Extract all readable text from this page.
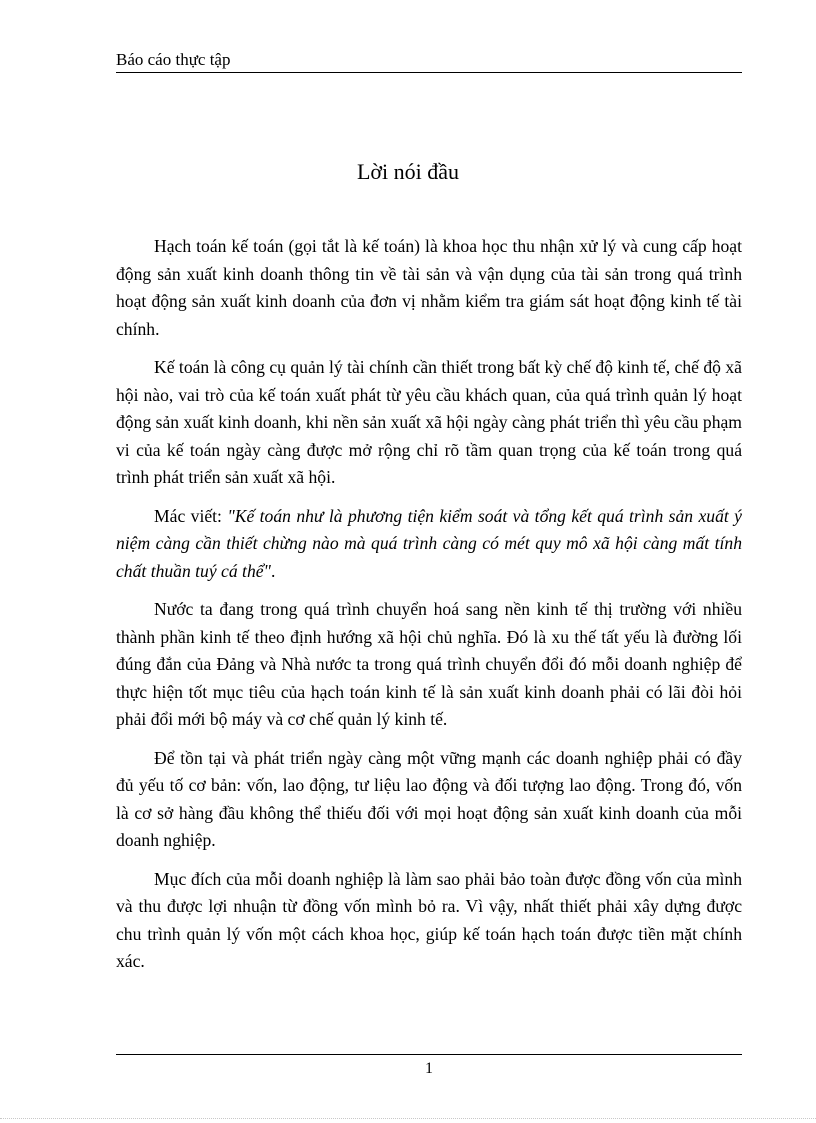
Báo cáo thực tập
Lời nói đầu

Hạch toán kế toán (gọi tắt là kế toán) là khoa học thu nhận xử lý và cung cấp hoạt động sản xuất kinh doanh thông tin về tài sản và vận dụng của tài sản trong quá trình hoạt động sản xuất kinh doanh của đơn vị nhằm kiểm tra giám sát hoạt động kinh tế tài chính.

Kế toán là công cụ quản lý tài chính cần thiết trong bất kỳ chế độ kinh tế, chế độ xã hội nào, vai trò của kế toán xuất phát từ yêu cầu khách quan, của quá trình quản lý hoạt động sản xuất kinh doanh, khi nền sản xuất xã hội ngày càng phát triển thì yêu cầu phạm vi của kế toán ngày càng được mở rộng chỉ rõ tầm quan trọng của kế toán trong quá trình phát triển sản xuất xã hội.

Mác viết: "Kế toán như là phương tiện kiểm soát và tổng kết quá trình sản xuất ý niệm càng cần thiết chừng nào mà quá trình càng có mét quy mô xã hội càng mất tính chất thuần tuý cá thể".

Nước ta đang trong quá trình chuyển hoá sang nền kinh tế thị trường với nhiều thành phần kinh tế theo định hướng xã hội chủ nghĩa. Đó là xu thế tất yếu là đường lối đúng đắn của Đảng và Nhà nước ta trong quá trình chuyển đổi đó mỗi doanh nghiệp để thực hiện tốt mục tiêu của hạch toán kinh tế là sản xuất kinh doanh phải có lãi đòi hỏi phải đổi mới bộ máy và cơ chế quản lý kinh tế.

Để tồn tại và phát triển ngày càng một vững mạnh các doanh nghiệp phải có đầy đủ yếu tố cơ bản: vốn, lao động, tư liệu lao động và đối tượng lao động. Trong đó, vốn là cơ sở hàng đầu không thể thiếu đối với mọi hoạt động sản xuất kinh doanh của mỗi doanh nghiệp.

Mục đích của mỗi doanh nghiệp là làm sao phải bảo toàn được đồng vốn của mình và thu được lợi nhuận từ đồng vốn mình bỏ ra. Vì vậy, nhất thiết phải xây dựng được chu trình quản lý vốn một cách khoa học, giúp kế toán hạch toán được tiền mặt chính xác.

1
